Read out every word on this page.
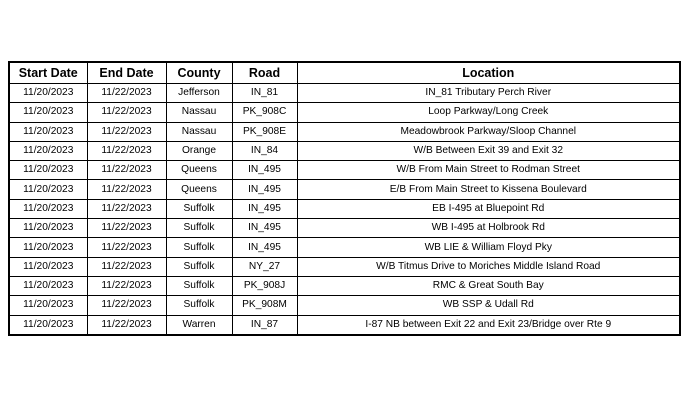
Start Date	End Date	County	Road	Location
11/20/2023	11/22/2023	Jefferson	IN_81	IN_81 Tributary Perch River
11/20/2023	11/22/2023	Nassau	PK_908C	Loop Parkway/Long Creek
11/20/2023	11/22/2023	Nassau	PK_908E	Meadowbrook Parkway/Sloop Channel
11/20/2023	11/22/2023	Orange	IN_84	W/B Between Exit 39 and Exit 32
11/20/2023	11/22/2023	Queens	IN_495	W/B From Main Street to Rodman Street
11/20/2023	11/22/2023	Queens	IN_495	E/B From Main Street to Kissena Boulevard
11/20/2023	11/22/2023	Suffolk	IN_495	EB I-495 at Bluepoint Rd
11/20/2023	11/22/2023	Suffolk	IN_495	WB I-495 at Holbrook Rd
11/20/2023	11/22/2023	Suffolk	IN_495	WB LIE & William Floyd Pky
11/20/2023	11/22/2023	Suffolk	NY_27	W/B Titmus Drive to Moriches Middle Island Road
11/20/2023	11/22/2023	Suffolk	PK_908J	RMC & Great South Bay
11/20/2023	11/22/2023	Suffolk	PK_908M	WB SSP & Udall Rd
11/20/2023	11/22/2023	Warren	IN_87	I-87 NB between Exit 22 and Exit 23/Bridge over Rte 9
